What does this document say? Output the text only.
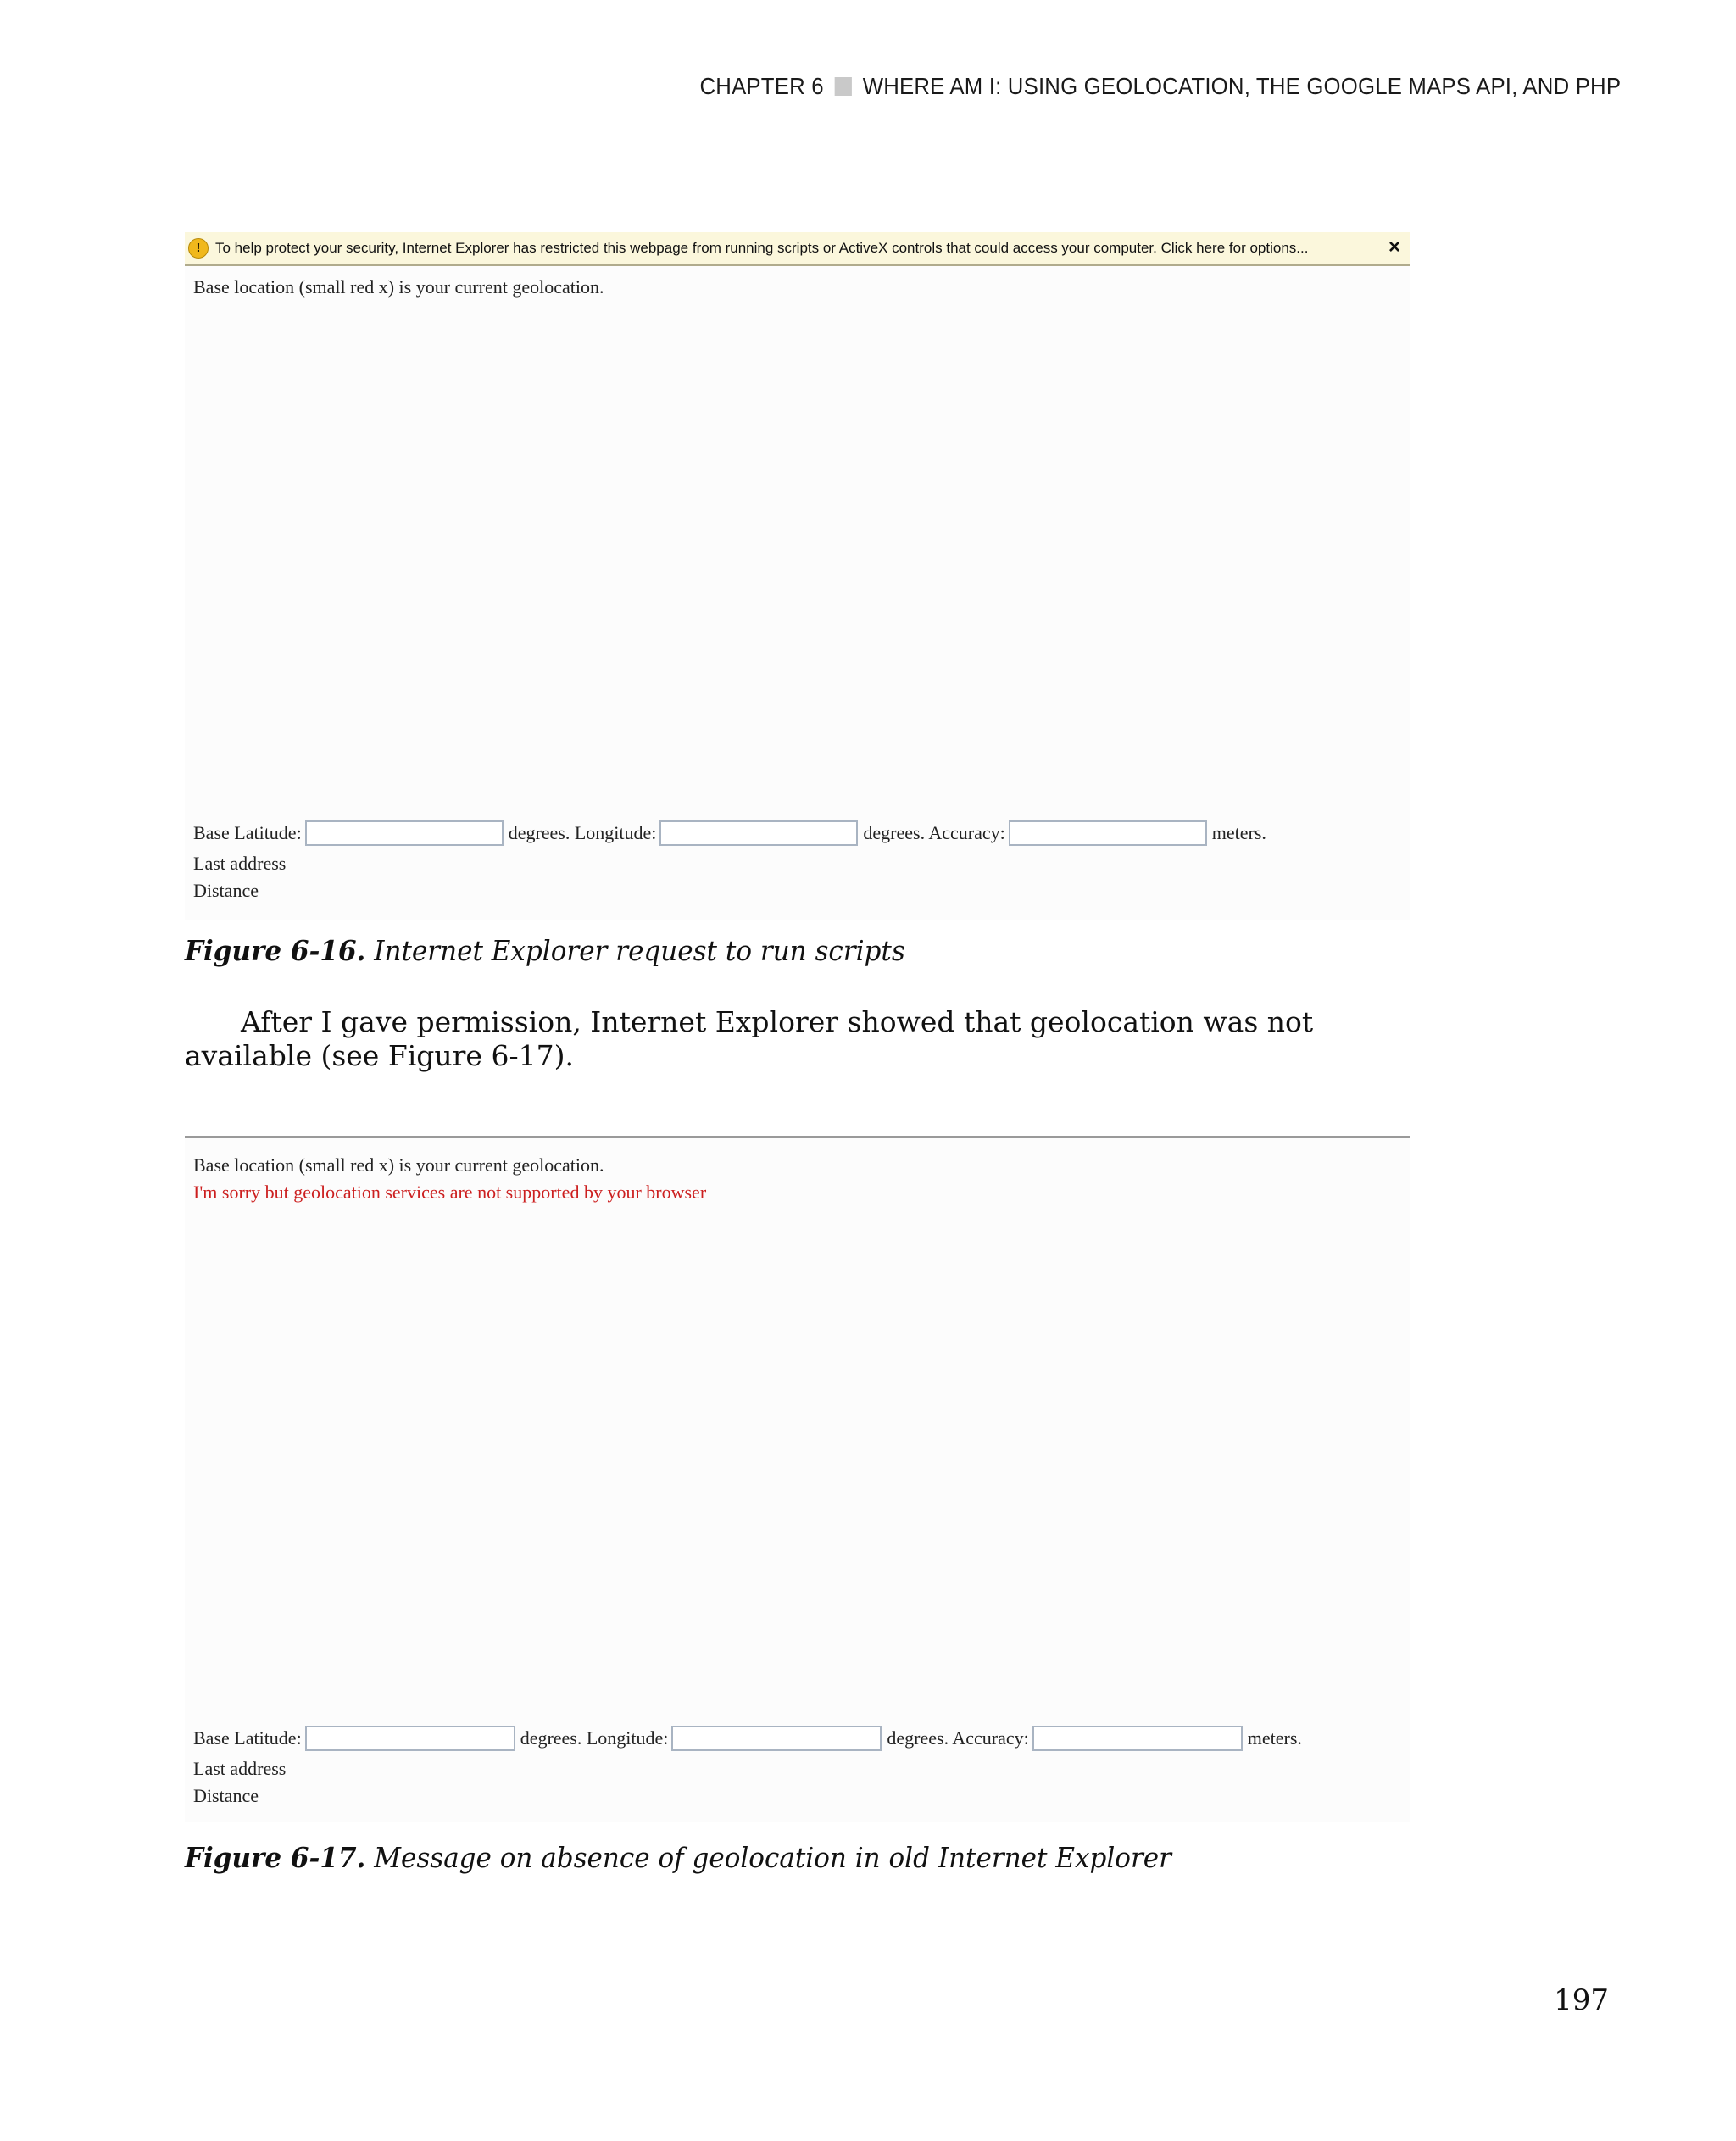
CHAPTER 6 WHERE AM I: USING GEOLOCATION, THE GOOGLE MAPS API, AND PHP
!	To help protect your security, Internet Explorer has restricted this webpage from running scripts or ActiveX controls that could access your computer. Click here for options...	×
Base location (small red x) is your current geolocation.
Base Latitude:	degrees. Longitude:	degrees. Accuracy:	meters.
Last address
Distance
Figure 6-16. Internet Explorer request to run scripts

After I gave permission, Internet Explorer showed that geolocation was not available (see Figure 6-17).

Base location (small red x) is your current geolocation.
I'm sorry but geolocation services are not supported by your browser
Base Latitude:	degrees. Longitude:	degrees. Accuracy:	meters.
Last address
Distance
Figure 6-17. Message on absence of geolocation in old Internet Explorer
197
